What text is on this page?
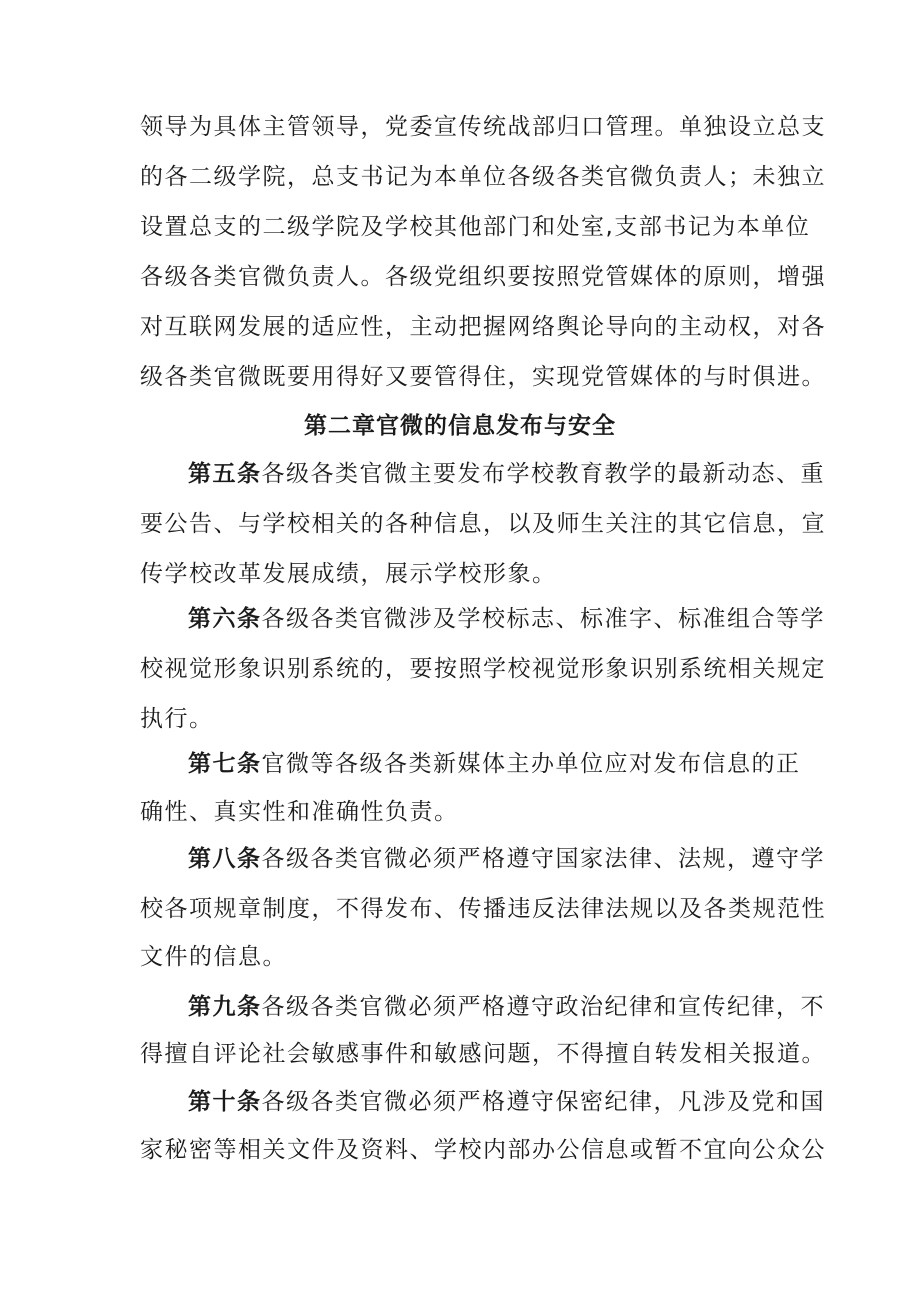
领导为具体主管领导，党委宣传统战部归口管理。单独设立总支
的各二级学院，总支书记为本单位各级各类官微负责人；未独立
设置总支的二级学院及学校其他部门和处室,支部书记为本单位
各级各类官微负责人。各级党组织要按照党管媒体的原则，增强
对互联网发展的适应性，主动把握网络舆论导向的主动权，对各
级各类官微既要用得好又要管得住，实现党管媒体的与时俱进。
第二章官微的信息发布与安全
第五条各级各类官微主要发布学校教育教学的最新动态、重
要公告、与学校相关的各种信息，以及师生关注的其它信息，宣
传学校改革发展成绩，展示学校形象。
第六条各级各类官微涉及学校标志、标准字、标准组合等学
校视觉形象识别系统的，要按照学校视觉形象识别系统相关规定
执行。
第七条官微等各级各类新媒体主办单位应对发布信息的正
确性、真实性和准确性负责。
第八条各级各类官微必须严格遵守国家法律、法规，遵守学
校各项规章制度，不得发布、传播违反法律法规以及各类规范性
文件的信息。
第九条各级各类官微必须严格遵守政治纪律和宣传纪律，不
得擅自评论社会敏感事件和敏感问题，不得擅自转发相关报道。
第十条各级各类官微必须严格遵守保密纪律，凡涉及党和国
家秘密等相关文件及资料、学校内部办公信息或暂不宜向公众公
